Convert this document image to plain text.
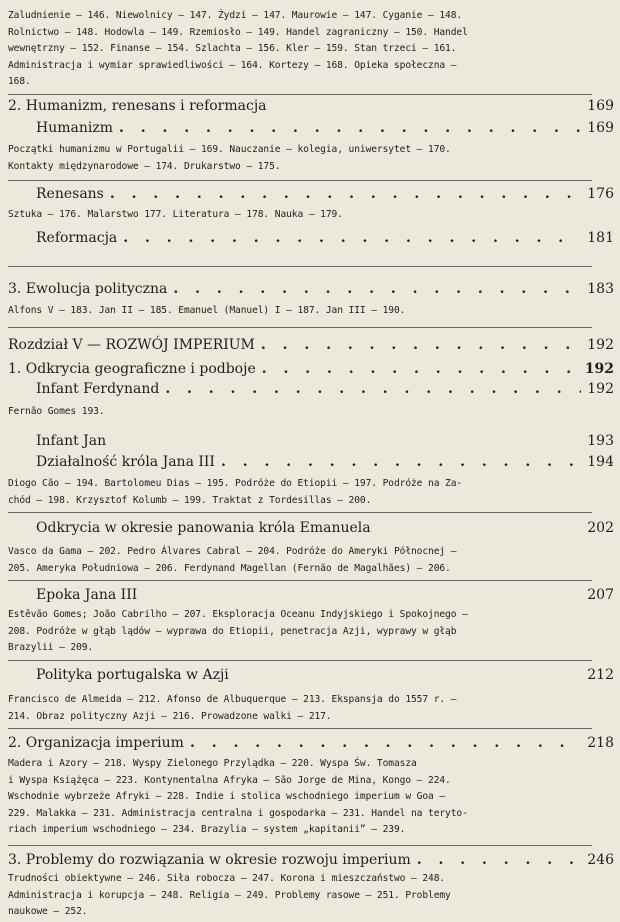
Zaludnienie — 146. Niewolnicy — 147. Żydzi — 147. Maurowie — 147. Cyganie — 148.
Rolnictwo — 148. Hodowla — 149. Rzemiosło — 149. Handel zagraniczny — 150. Handel
wewnętrzny — 152. Finanse — 154. Szlachta — 156. Kler — 159. Stan trzeci — 161.
Administracja i wymiar sprawiedliwości — 164. Kortezy — 168. Opieka społeczna —
168.
2. Humanizm, renesans i reformacja	169
Humanizm . . .	169
Początki humanizmu w Portugalii — 169. Nauczanie — kolegia, uniwersytet — 170.
Kontakty międzynarodowe — 174. Drukarstwo — 175.
Renesans . . .	176
Sztuka — 176. Malarstwo 177. Literatura — 178. Nauka — 179.
Reformacja . . .	181
3. Ewolucja polityczna . . .	183
Alfons V — 183. Jan II — 185. Emanuel (Manuel) I — 187. Jan III — 190.
Rozdział V — ROZWÓJ IMPERIUM . . .	192
1. Odkrycia geograficzne i podboje . . .	192
Infant Ferdynand . . .	192
Fernão Gomes 193.
Infant Jan	193
Działalność króla Jana III . . .	194
Diogo Cão — 194. Bartolomeu Dias — 195. Podróże do Etiopii — 197. Podróże na Za-
chód — 198. Krzysztof Kolumb — 199. Traktat z Tordesillas — 200.
Odkrycia w okresie panowania króla Emanuela	202
Vasco da Gama — 202. Pedro Álvares Cabral — 204. Podróże do Ameryki Północnej —
205. Ameryka Południowa — 206. Ferdynand Magellan (Fernão de Magalhães) — 206.
Epoka Jana III	207
Estêvão Gomes; João Cabrilho — 207. Eksploracja Oceanu Indyjskiego i Spokojnego —
208. Podróże w głąb lądów — wyprawa do Etiopii, penetracja Azji, wyprawy w głąb
Brazylii — 209.
Polityka portugalska w Azji	212
Francisco de Almeida — 212. Afonso de Albuquerque — 213. Ekspansja do 1557 r. —
214. Obraz polityczny Azji — 216. Prowadzone walki — 217.
2. Organizacja imperium . . .	218
Madera i Azory — 218. Wyspy Zielonego Przylądka — 220. Wyspa Św. Tomasza
i Wyspa Książęca — 223. Kontynentalna Afryka — São Jorge de Mina, Kongo — 224.
Wschodnie wybrzeże Afryki — 228. Indie i stolica wschodniego imperium w Goa —
229. Malakka — 231. Administracja centralna i gospodarka — 231. Handel na teryto-
riach imperium wschodniego — 234. Brazylia — system „kapitanii” — 239.
3. Problemy do rozwiązania w okresie rozwoju imperium . . .	246
Trudności obiektywne — 246. Siła robocza — 247. Korona i mieszczaństwo — 248.
Administracja i korupcja — 248. Religia — 249. Problemy rasowe — 251. Problemy
naukowe — 252.
